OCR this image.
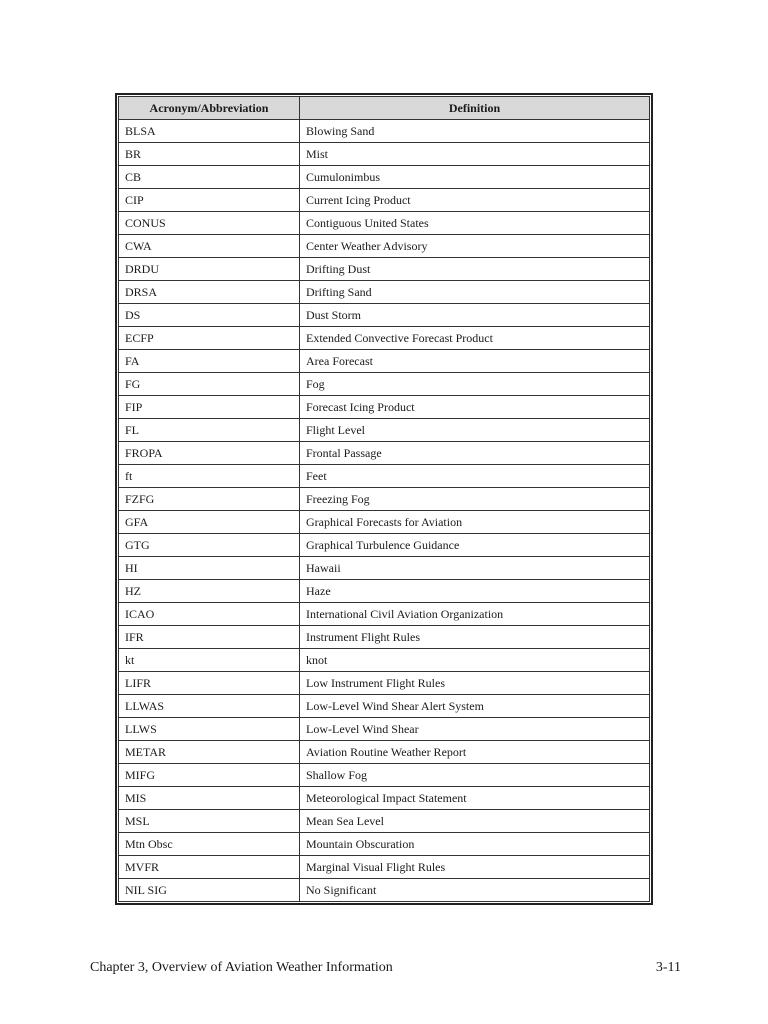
Acronym/Abbreviation	Definition
BLSA	Blowing Sand
BR	Mist
CB	Cumulonimbus
CIP	Current Icing Product
CONUS	Contiguous United States
CWA	Center Weather Advisory
DRDU	Drifting Dust
DRSA	Drifting Sand
DS	Dust Storm
ECFP	Extended Convective Forecast Product
FA	Area Forecast
FG	Fog
FIP	Forecast Icing Product
FL	Flight Level
FROPA	Frontal Passage
ft	Feet
FZFG	Freezing Fog
GFA	Graphical Forecasts for Aviation
GTG	Graphical Turbulence Guidance
HI	Hawaii
HZ	Haze
ICAO	International Civil Aviation Organization
IFR	Instrument Flight Rules
kt	knot
LIFR	Low Instrument Flight Rules
LLWAS	Low-Level Wind Shear Alert System
LLWS	Low-Level Wind Shear
METAR	Aviation Routine Weather Report
MIFG	Shallow Fog
MIS	Meteorological Impact Statement
MSL	Mean Sea Level
Mtn Obsc	Mountain Obscuration
MVFR	Marginal Visual Flight Rules
NIL SIG	No Significant
Chapter 3, Overview of Aviation Weather Information	3-11
